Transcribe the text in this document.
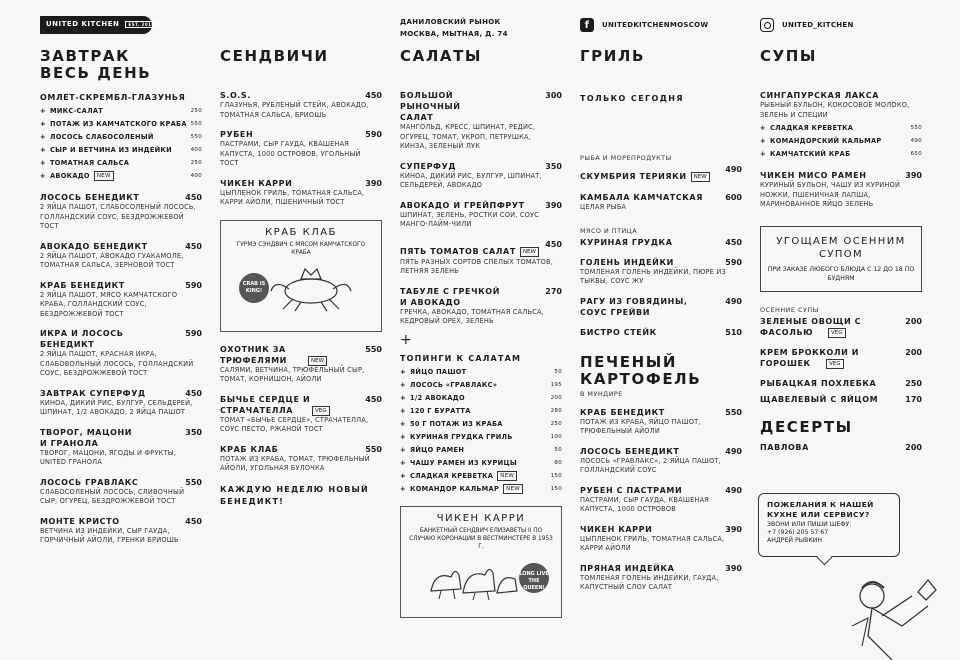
UNITED KITCHEN EST. 2016	ДАНИЛОВСКИЙ РЫНОК
МОСКВА, МЫТНАЯ, Д. 74
f	UNITEDKITCHENMOSCOW	UNITED_KITCHEN
ЗАВТРАК ВЕСЬ ДЕНЬ
ОМЛЕТ-СКРЕМБЛ-ГЛАЗУНЬЯ
+ МИКС-САЛАТ	250
+ ПОТАЖ ИЗ КАМЧАТСКОГО КРАБА 550
+ ЛОСОСЬ СЛАБОСОЛЕНЫЙ	550
+ СЫР И ВЕТЧИНА ИЗ ИНДЕЙКИ	400
+ ТОМАТНАЯ САЛЬСА	250
+ АВОКАДО NEW	400
ЛОСОСЬ БЕНЕДИКТ	450
2 ЯЙЦА ПАШОТ, СЛАБОСОЛЕНЫЙ ЛОСОСЬ, ГОЛЛАНДСКИЙ СОУС, БЕЗДРОЖЖЕВОЙ ТОСТ
АВОКАДО БЕНЕДИКТ	450
2 ЯЙЦА ПАШОТ, АВОКАДО ГУАКАМОЛЕ, ТОМАТНАЯ САЛЬСА, ЗЕРНОВОЙ ТОСТ
КРАБ БЕНЕДИКТ	590
2 ЯЙЦА ПАШОТ, МЯСО КАМЧАТСКОГО КРАБА, ГОЛЛАНДСКИЙ СОУС, БЕЗДРОЖЖЕВОЙ ТОСТ
ИКРА И ЛОСОСЬ БЕНЕДИКТ
590
2 ЯЙЦА ПАШОТ, КРАСНАЯ ИКРА, СЛАБОВОЛЬНЫЙ ЛОСОСЬ, ГОЛЛАНДСКИЙ СОУС, БЕЗДРОЖЖЕВОЙ ТОСТ
ЗАВТРАК СУПЕРФУД	450
КИНОА, ДИКИЙ РИС, БУЛГУР, СЕЛЬДЕРЕЙ, ШПИНАТ, 1/2 АВОКАДО, 2 ЯЙЦА ПАШОТ
ТВОРОГ, МАЦОНИ И ГРАНОЛА
350
ТВОРОГ, МАЦОНИ, ЯГОДЫ И ФРУКТЫ, UNITED ГРАНОЛА
ЛОСОСЬ ГРАВЛАКС	550
СЛАБОСОЛЕНЫЙ ЛОСОСЬ, СЛИВОЧНЫЙ СЫР, ОГУРЕЦ, БЕЗДРОЖЖЕВОЙ ТОСТ
МОНТЕ КРИСТО	450
ВЕТЧИНА ИЗ ИНДЕЙКИ, СЫР ГАУДА, ГОРЧИЧНЫЙ АЙОЛИ, ГРЕНКИ БРИОШЬ
СЕНДВИЧИ
S.O.S.	450
ГЛАЗУНЬЯ, РУБЛЕНЫЙ СТЕЙК, АВОКАДО, ТОМАТНАЯ САЛЬСА, БРИОШЬ
РУБЕН	590
ПАСТРАМИ, СЫР ГАУДА, КВАШЕНАЯ КАПУСТА, 1000 ОСТРОВОВ, УГОЛЬНЫЙ ТОСТ
ЧИКЕН КАРРИ	390
ЦЫПЛЕНОК ГРИЛЬ, ТОМАТНАЯ САЛЬСА, КАРРИ АЙОЛИ, ПШЕНИЧНЫЙ ТОСТ
КРАБ КЛАБ
ГУРМЭ СЭНДВИЧ С МЯСОМ КАМЧАТСКОГО КРАБА
CRAB IS KING!
ОХОТНИК ЗА ТРЮФЕЛЯМИ	NEW
550
САЛЯМИ, ВЕТЧИНА, ТРЮФЕЛЬНЫЙ СЫР, ТОМАТ, КОРНИШОН, АЙОЛИ
БЫЧЬЕ СЕРДЦЕ И СТРАЧАТЕЛЛА	VEG
450
ТОМАТ «БЫЧЬЕ СЕРДЦЕ», СТРАЧАТЕЛЛА, СОУС ПЕСТО, РЖАНОЙ ТОСТ
КРАБ КЛАБ	550
ПОТАЖ ИЗ КРАБА, ТОМАТ, ТРЮФЕЛЬНЫЙ АЙОЛИ, УГОЛЬНАЯ БУЛОЧКА
КАЖДУЮ НЕДЕЛЮ НОВЫЙ БЕНЕДИКТ!
САЛАТЫ
БОЛЬШОЙ РЫНОЧНЫЙ САЛАТ
300
МАНГОЛЬД, КРЕСС, ШПИНАТ, РЕДИС, ОГУРЕЦ, ТОМАТ, УКРОП, ПЕТРУШКА, КИНЗА, ЗЕЛЕНЫЙ ЛУК
СУПЕРФУД	350
КИНОА, ДИКИЙ РИС, БУЛГУР, ШПИНАТ, СЕЛЬДЕРЕЙ, АВОКАДО
АВОКАДО И ГРЕЙПФРУТ	390
ШПИНАТ, ЗЕЛЕНЬ, РОСТКИ СОИ, СОУС МАНГО-ЛАЙМ-ЧИЛИ
ПЯТЬ ТОМАТОВ САЛАТ NEW
450
ПЯТЬ РАЗНЫХ СОРТОВ СПЕЛЫХ ТОМАТОВ, ЛЕТНЯЯ ЗЕЛЕНЬ
ТАБУЛЕ С ГРЕЧКОЙ И АВОКАДО
270
ГРЕЧКА, АВОКАДО, ТОМАТНАЯ САЛЬСА, КЕДРОВЫЙ ОРЕХ, ЗЕЛЕНЬ
+
ТОПИНГИ К САЛАТАМ
+ ЯЙЦО ПАШОТ	50
+ ЛОСОСЬ «ГРАВЛАКС»	195
+ 1/2 АВОКАДО	200
+ 120 Г БУРАТТА	280
+ 50 Г ПОТАЖ ИЗ КРАБА	250
+ КУРИНАЯ ГРУДКА ГРИЛЬ	100
+ ЯЙЦО РАМЕН	50
+ ЧАШУ РАМЕН ИЗ КУРИЦЫ	80
+ СЛАДКАЯ КРЕВЕТКА NEW	150
+ КОМАНДОР КАЛЬМАР NEW	150
ЧИКЕН КАРРИ
БАНКЕТНЫЙ СЕНДВИЧ ЕЛИЗАВЕТЫ II ПО СЛУЧАЮ КОРОНАЦИИ В ВЕСТМИНСТЕРЕ В 1953 Г.
LONG LIVE THE QUEEN!
ГРИЛЬ
ТОЛЬКО СЕГОДНЯ
РЫБА И МОРЕПРОДУКТЫ
СКУМБРИЯ ТЕРИЯКИ NEW
490
КАМБАЛА КАМЧАТСКАЯ	600
ЦЕЛАЯ РЫБА
МЯСО И ПТИЦА
КУРИНАЯ ГРУДКА	450
ГОЛЕНЬ ИНДЕЙКИ	590
ТОМЛЕНАЯ ГОЛЕНЬ ИНДЕЙКИ, ПЮРЕ ИЗ ТЫКВЫ, СОУС ЖУ
РАГУ ИЗ ГОВЯДИНЫ, СОУС ГРЕЙВИ
490
БИСТРО СТЕЙК	510
ПЕЧЕНЫЙ КАРТОФЕЛЬ
В МУНДИРЕ
КРАБ БЕНЕДИКТ	550
ПОТАЖ ИЗ КРАБА, ЯЙЦО ПАШОТ, ТРЮФЕЛЬНЫЙ АЙОЛИ
ЛОСОСЬ БЕНЕДИКТ	490
ЛОСОСЬ «ГРАВЛАКС», 2 ЯЙЦА ПАШОТ, ГОЛЛАНДСКИЙ СОУС
РУБЕН С ПАСТРАМИ	490
ПАСТРАМИ, СЫР ГАУДА, КВАШЕНАЯ КАПУСТА, 1000 ОСТРОВОВ
ЧИКЕН КАРРИ	390
ЦЫПЛЕНОК ГРИЛЬ, ТОМАТНАЯ САЛЬСА, КАРРИ АЙОЛИ
ПРЯНАЯ ИНДЕЙКА	390
ТОМЛЕНАЯ ГОЛЕНЬ ИНДЕЙКИ, ГАУДА, КАПУСТНЫЙ СЛОУ САЛАТ
СУПЫ
СИНГАПУРСКАЯ ЛАКСА
РЫБНЫЙ БУЛЬОН, КОКОСОВОЕ МОЛОКО, ЗЕЛЕНЬ И СПЕЦИИ
+ СЛАДКАЯ КРЕВЕТКА	550
+ КОМАНДОРСКИЙ КАЛЬМАР	490
+ КАМЧАТСКИЙ КРАБ	650
ЧИКЕН МИСО РАМЕН	390
КУРИНЫЙ БУЛЬОН, ЧАШУ ИЗ КУРИНОЙ НОЖКИ, ПШЕНИЧНАЯ ЛАПША, МАРИНОВАННОЕ ЯЙЦО ЗЕЛЕНЬ
УГОЩАЕМ ОСЕННИМ СУПОМ
ПРИ ЗАКАЗЕ ЛЮБОГО БЛЮДА С 12 ДО 18 ПО БУДНЯМ
ОСЕННИЕ СУПЫ
ЗЕЛЕНЫЕ ОВОЩИ С ФАСОЛЬЮ	VEG
200
КРЕМ БРОККОЛИ И ГОРОШЕК	VEG
200
РЫБАЦКАЯ ПОХЛЕБКА	250
ЩАВЕЛЕВЫЙ С ЯЙЦОМ	170
ДЕСЕРТЫ
ПАВЛОВА	200
ПОЖЕЛАНИЯ К НАШЕЙ КУХНЕ ИЛИ СЕРВИСУ?
ЗВОНИ ИЛИ ПИШИ ШЕФУ:
+7 (926) 205 57 67
АНДРЕЙ РЫВКИН
